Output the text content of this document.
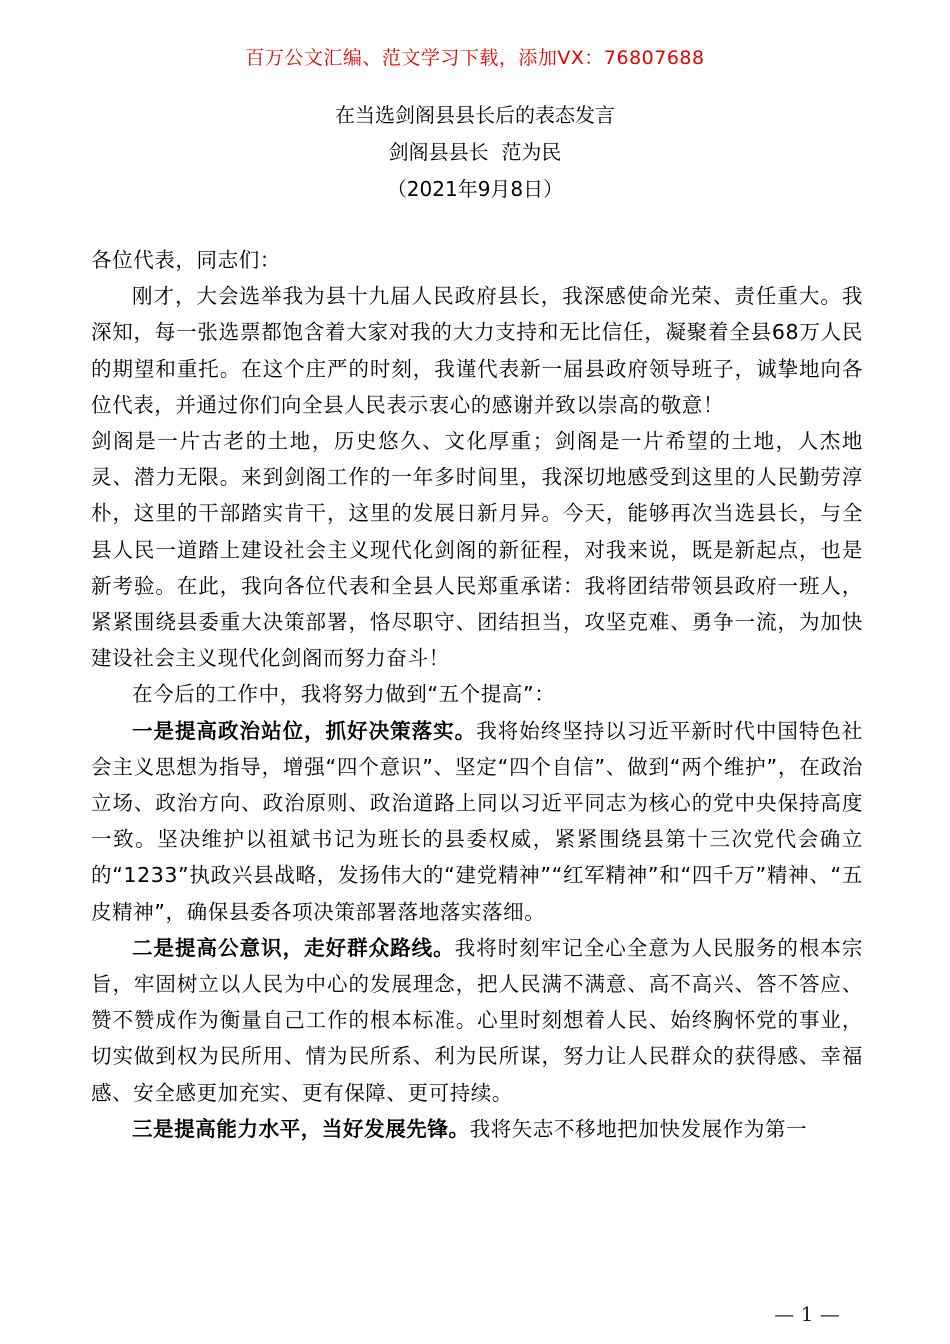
百万公文汇编、范文学习下载，添加VX：76807688
在当选剑阁县县长后的表态发言
剑阁县县长  范为民
（2021年9月8日）

各位代表，同志们：

刚才，大会选举我为县十九届人民政府县长，我深感使命光荣、责任重大。我深知，每一张选票都饱含着大家对我的大力支持和无比信任，凝聚着全县68万人民的期望和重托。在这个庄严的时刻，我谨代表新一届县政府领导班子，诚挚地向各位代表，并通过你们向全县人民表示衷心的感谢并致以崇高的敬意！

剑阁是一片古老的土地，历史悠久、文化厚重；剑阁是一片希望的土地，人杰地灵、潜力无限。来到剑阁工作的一年多时间里，我深切地感受到这里的人民勤劳淳朴，这里的干部踏实肯干，这里的发展日新月异。今天，能够再次当选县长，与全县人民一道踏上建设社会主义现代化剑阁的新征程，对我来说，既是新起点，也是新考验。在此，我向各位代表和全县人民郑重承诺：我将团结带领县政府一班人，紧紧围绕县委重大决策部署，恪尽职守、团结担当，攻坚克难、勇争一流，为加快建设社会主义现代化剑阁而努力奋斗！

在今后的工作中，我将努力做到“五个提高”：

一是提高政治站位，抓好决策落实。我将始终坚持以习近平新时代中国特色社会主义思想为指导，增强“四个意识”、坚定“四个自信”、做到“两个维护”，在政治立场、政治方向、政治原则、政治道路上同以习近平同志为核心的党中央保持高度一致。坚决维护以祖斌书记为班长的县委权威，紧紧围绕县第十三次党代会确立的“1233”执政兴县战略，发扬伟大的“建党精神”“红军精神”和“四千万”精神、“五皮精神”，确保县委各项决策部署落地落实落细。

二是提高公意识，走好群众路线。我将时刻牢记全心全意为人民服务的根本宗旨，牢固树立以人民为中心的发展理念，把人民满不满意、高不高兴、答不答应、赞不赞成作为衡量自己工作的根本标准。心里时刻想着人民、始终胸怀党的事业，切实做到权为民所用、情为民所系、利为民所谋，努力让人民群众的获得感、幸福感、安全感更加充实、更有保障、更可持续。

三是提高能力水平，当好发展先锋。我将矢志不移地把加快发展作为第一

— 1 —
